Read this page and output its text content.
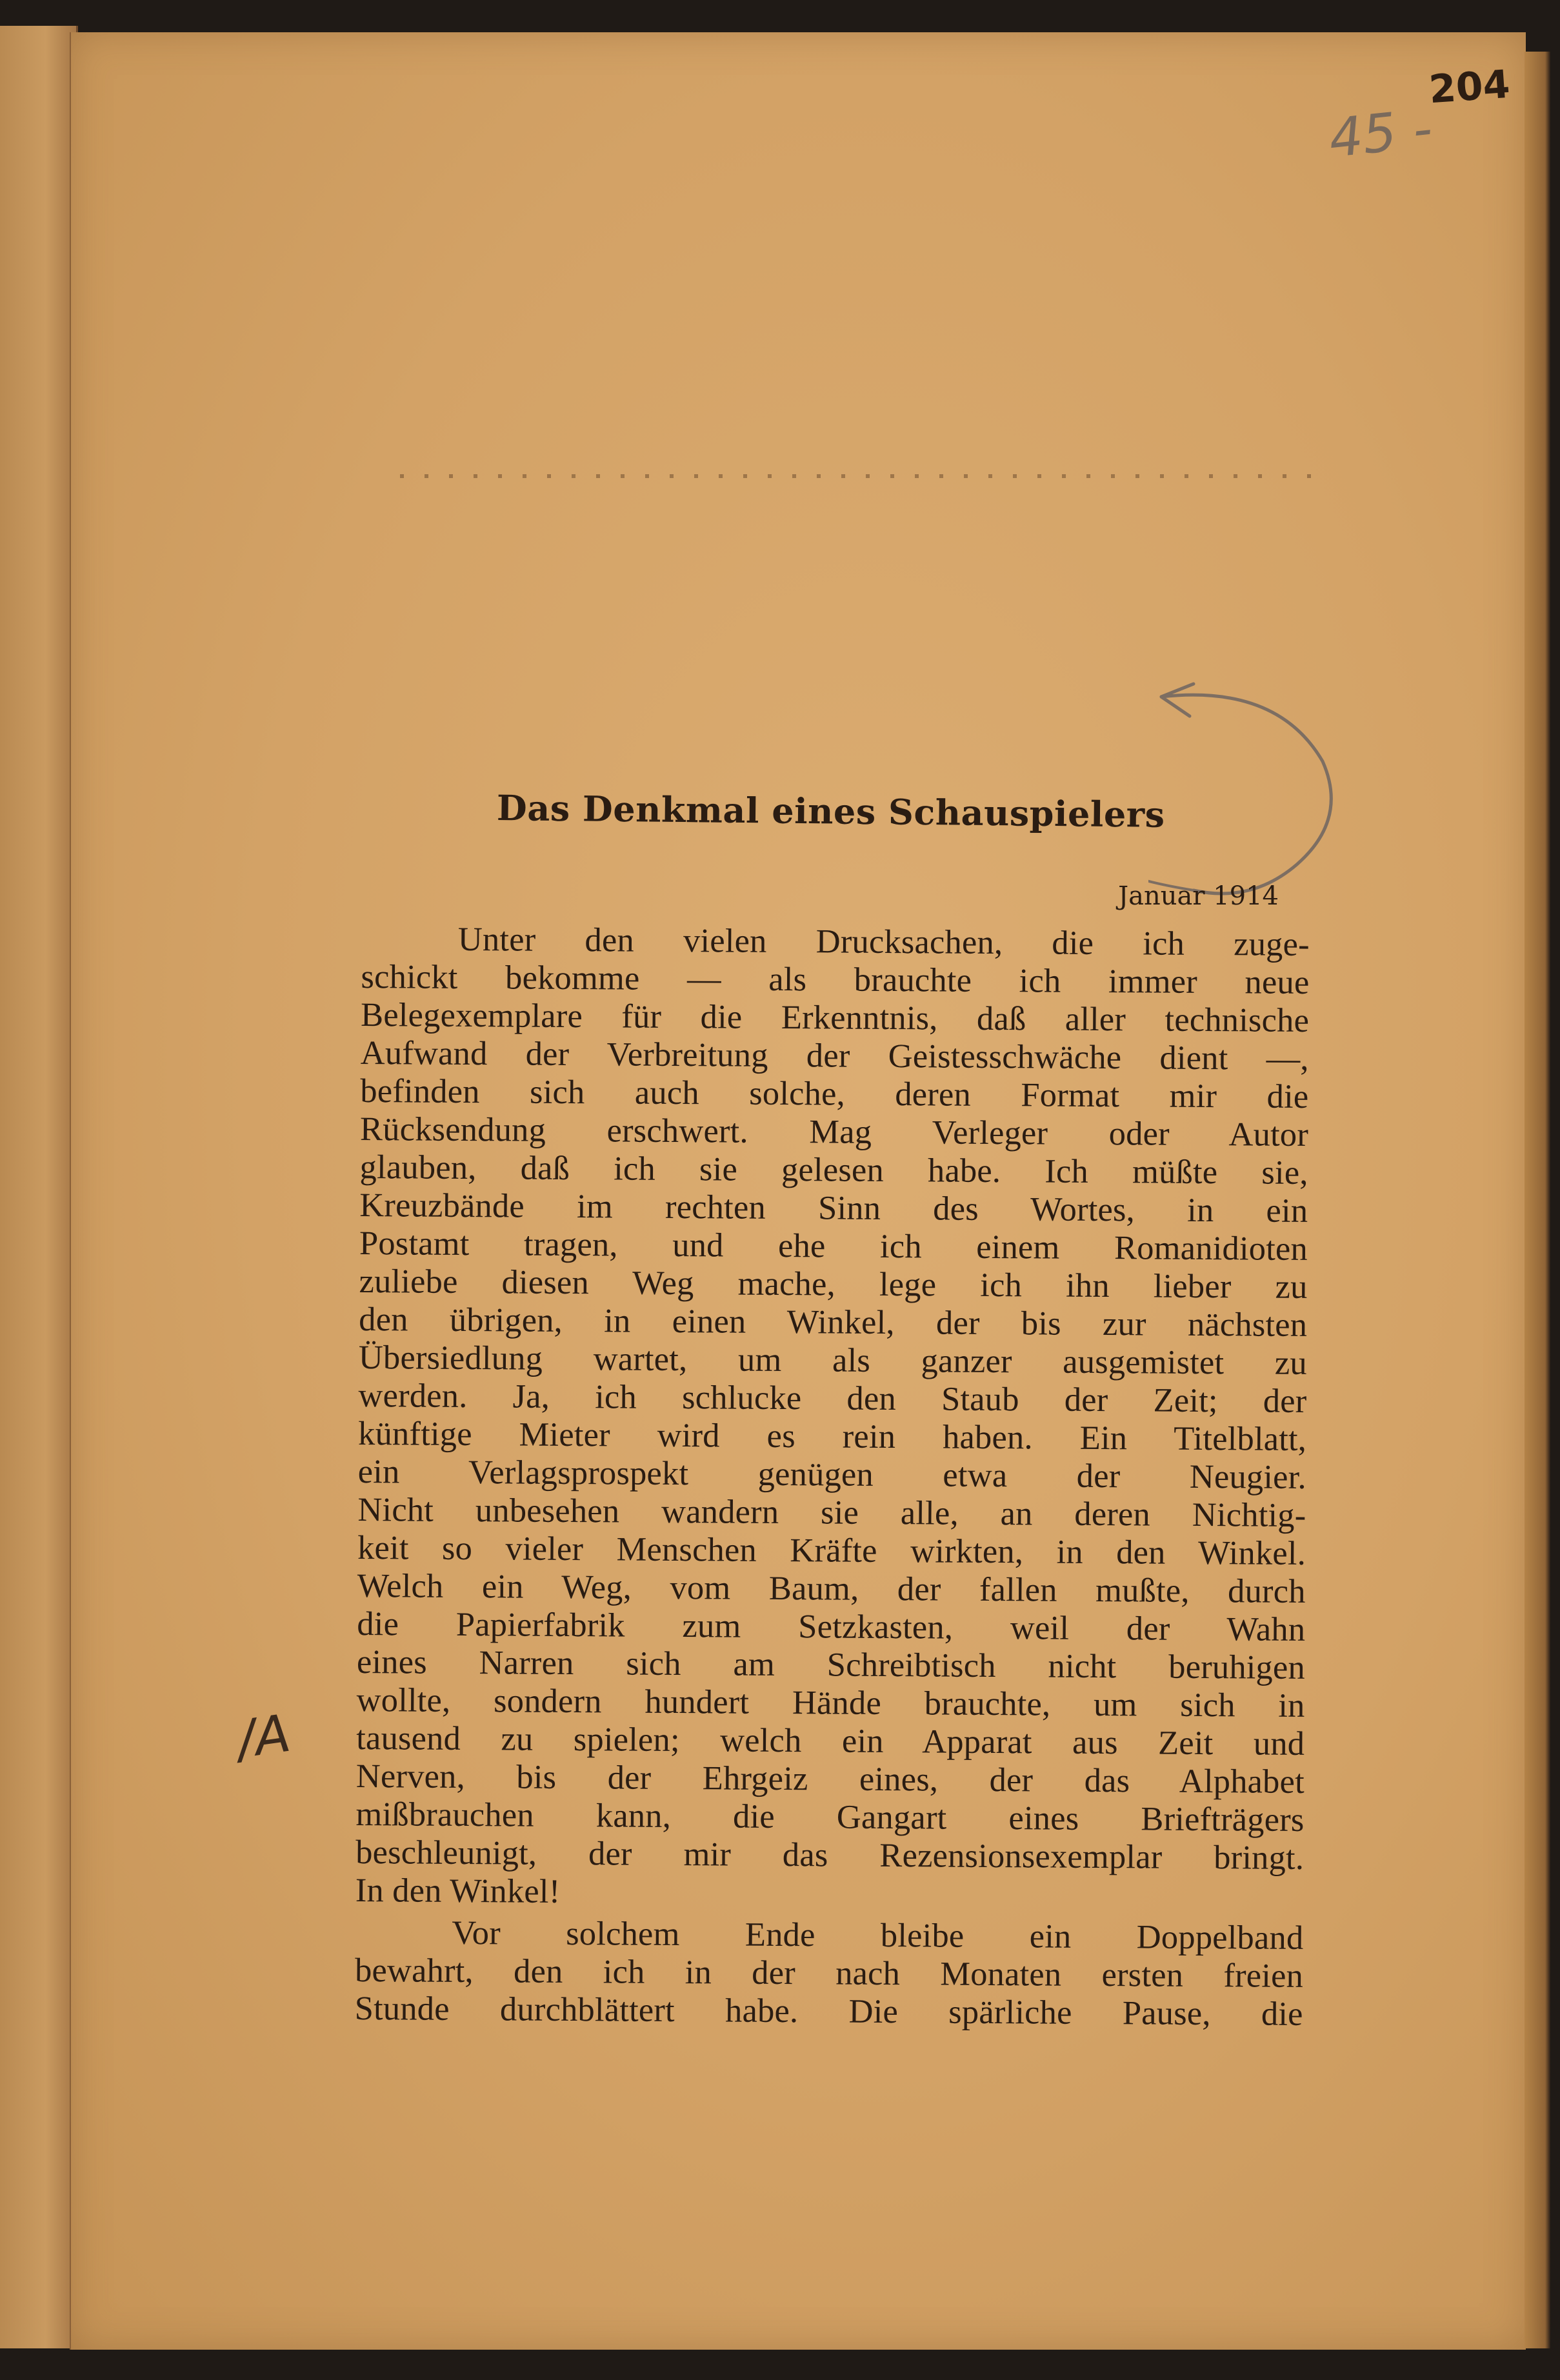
45 -

204

/A

Das Denkmal eines Schauspielers
Januar 1914

Unter den vielen Drucksachen, die ich zuge-
schickt bekomme — als brauchte ich immer neue
Belegexemplare für die Erkenntnis, daß aller technische
Aufwand der Verbreitung der Geistesschwäche dient —,
befinden sich auch solche, deren Format mir die
Rücksendung erschwert. Mag Verleger oder Autor
glauben, daß ich sie gelesen habe. Ich müßte sie,
Kreuzbände im rechten Sinn des Wortes, in ein
Postamt tragen, und ehe ich einem Romanidioten
zuliebe diesen Weg mache, lege ich ihn lieber zu
den übrigen, in einen Winkel, der bis zur nächsten
Übersiedlung wartet, um als ganzer ausgemistet zu
werden. Ja, ich schlucke den Staub der Zeit; der
künftige Mieter wird es rein haben. Ein Titelblatt,
ein Verlagsprospekt genügen etwa der Neugier.
Nicht unbesehen wandern sie alle, an deren Nichtig-
keit so vieler Menschen Kräfte wirkten, in den Winkel.
Welch ein Weg, vom Baum, der fallen mußte, durch
die Papierfabrik zum Setzkasten, weil der Wahn
eines Narren sich am Schreibtisch nicht beruhigen
wollte, sondern hundert Hände brauchte, um sich in
tausend zu spielen; welch ein Apparat aus Zeit und
Nerven, bis der Ehrgeiz eines, der das Alphabet
mißbrauchen kann, die Gangart eines Briefträgers
beschleunigt, der mir das Rezensionsexemplar bringt.
In den Winkel!

Vor solchem Ende bleibe ein Doppelband
bewahrt, den ich in der nach Monaten ersten freien
Stunde durchblättert habe. Die spärliche Pause, die
